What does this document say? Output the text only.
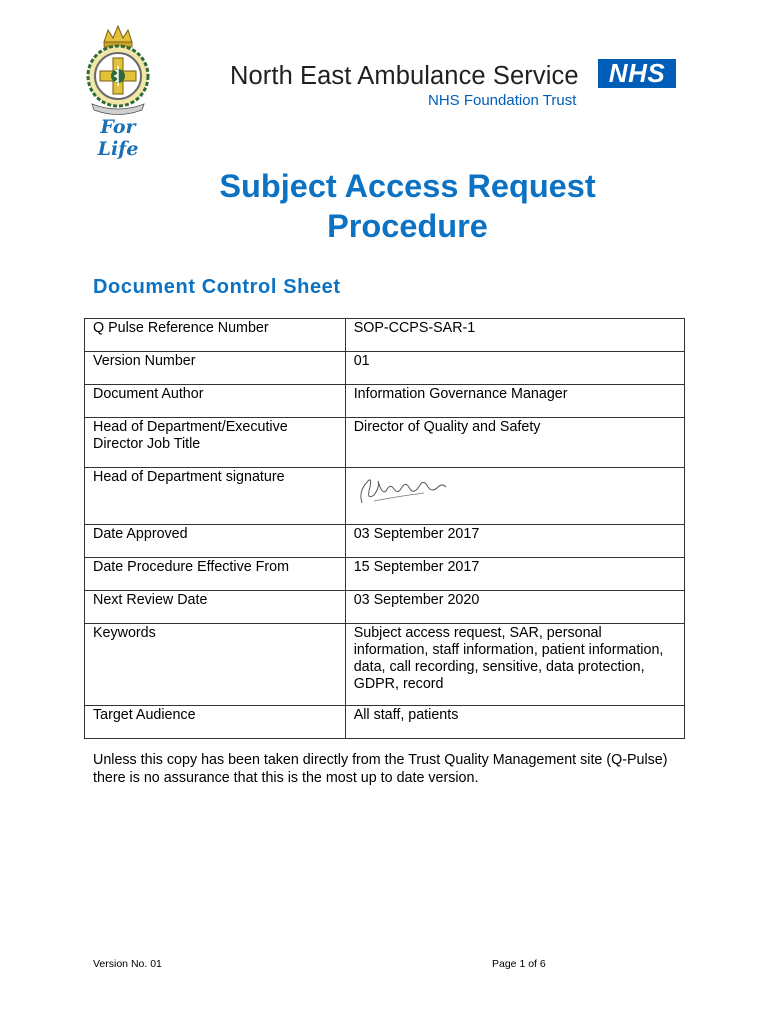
For Life
North East Ambulance Service	NHS
NHS Foundation Trust
Subject Access Request
Procedure
Document Control Sheet
Q Pulse Reference Number	SOP-CCPS-SAR-1
Version Number	01
Document Author	Information Governance Manager
Head of Department/Executive Director Job Title	Director of Quality and Safety
Head of Department signature	

Date Approved	03 September 2017
Date Procedure Effective From	15 September 2017
Next Review Date	03 September 2020
Keywords	Subject access request, SAR, personal information, staff information, patient information, data, call recording, sensitive, data protection, GDPR, record
Target Audience	All staff, patients
Unless this copy has been taken directly from the Trust Quality Management site (Q-Pulse) there is no assurance that this is the most up to date version.
Version No. 01	Page 1 of 6
